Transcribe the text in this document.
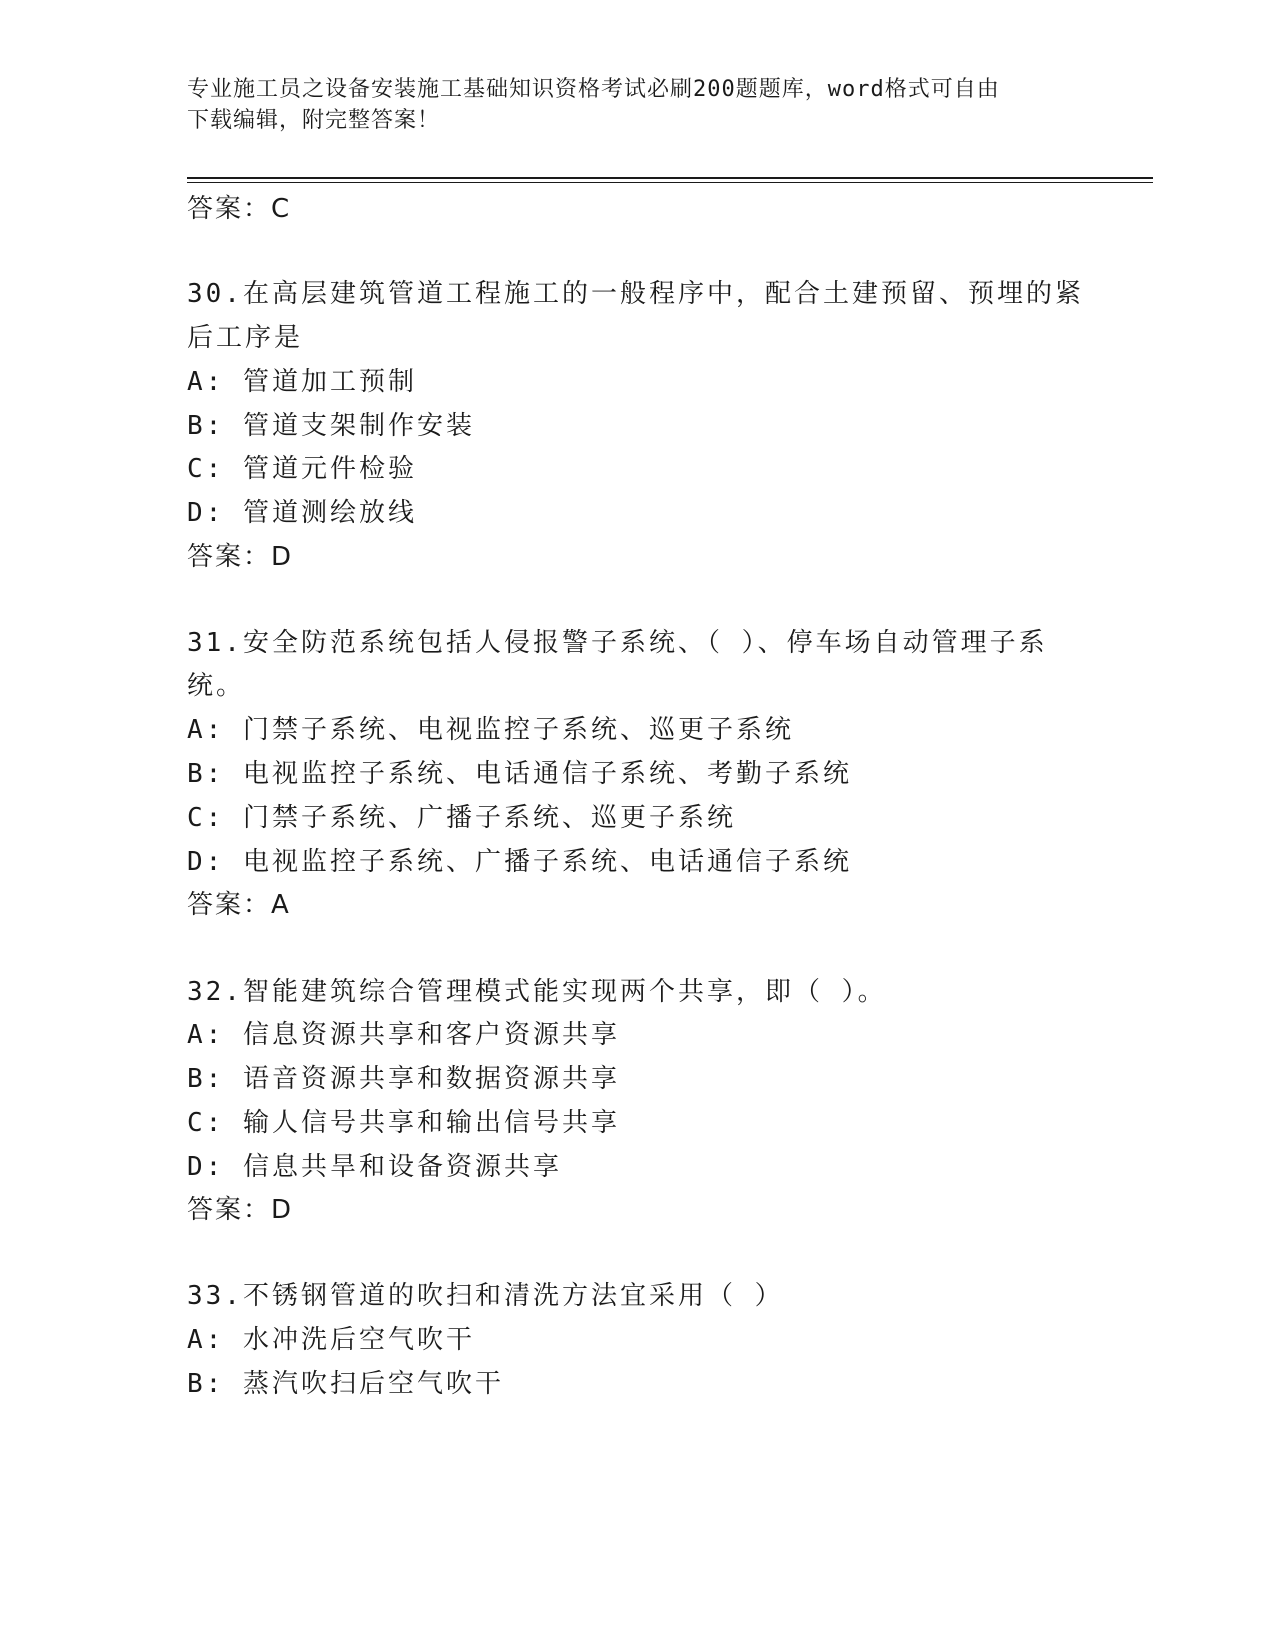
专业施工员之设备安装施工基础知识资格考试必刷200题题库，word格式可自由
下载编辑，附完整答案！
答案：C
30.在高层建筑管道工程施工的一般程序中，配合土建预留、预埋的紧
后工序是
A: 管道加工预制
B: 管道支架制作安装
C: 管道元件检验
D: 管道测绘放线
答案：D
31.安全防范系统包括人侵报警子系统、（ ）、停车场自动管理子系
统。
A: 门禁子系统、电视监控子系统、巡更子系统
B: 电视监控子系统、电话通信子系统、考勤子系统
C: 门禁子系统、广播子系统、巡更子系统
D: 电视监控子系统、广播子系统、电话通信子系统
答案：A
32.智能建筑综合管理模式能实现两个共享，即（ ）。
A: 信息资源共享和客户资源共享
B: 语音资源共享和数据资源共享
C: 输人信号共享和输出信号共享
D: 信息共旱和设备资源共享
答案：D
33.不锈钢管道的吹扫和清洗方法宜采用（ ）
A: 水冲洗后空气吹干
B: 蒸汽吹扫后空气吹干
